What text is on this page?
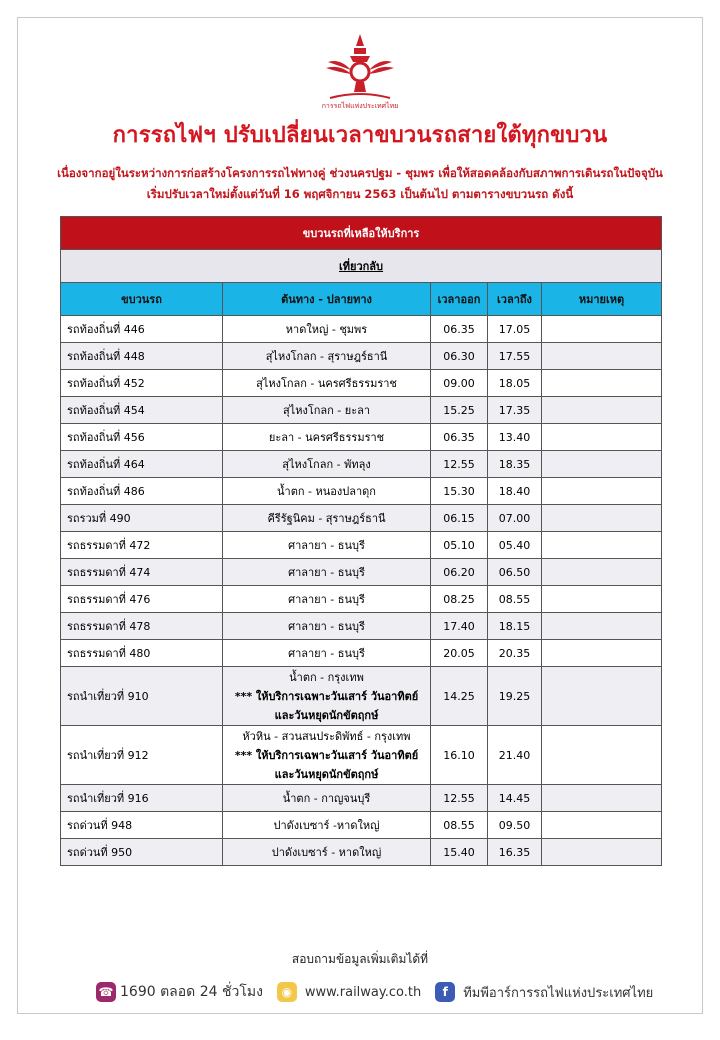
การรถไฟแห่งประเทศไทย
การรถไฟฯ ปรับเปลี่ยนเวลาขบวนรถสายใต้ทุกขบวน
เนื่องจากอยู่ในระหว่างการก่อสร้างโครงการรถไฟทางคู่ ช่วงนครปฐม - ชุมพร เพื่อให้สอดคล้องกับสภาพการเดินรถในปัจจุบัน
เริ่มปรับเวลาใหม่ตั้งแต่วันที่ 16 พฤศจิกายน 2563 เป็นต้นไป ตามตารางขบวนรถ ดังนี้
ขบวนรถที่เหลือให้บริการ				
เที่ยวกลับ				
ขบวนรถ	ต้นทาง - ปลายทาง	เวลาออก	เวลาถึง	หมายเหตุ
รถท้องถิ่นที่ 446	หาดใหญ่ - ชุมพร	06.35	17.05	
รถท้องถิ่นที่ 448	สุไหงโกลก - สุราษฎร์ธานี	06.30	17.55	
รถท้องถิ่นที่ 452	สุไหงโกลก - นครศรีธรรมราช	09.00	18.05	
รถท้องถิ่นที่ 454	สุไหงโกลก - ยะลา	15.25	17.35	
รถท้องถิ่นที่ 456	ยะลา - นครศรีธรรมราช	06.35	13.40	
รถท้องถิ่นที่ 464	สุไหงโกลก - พัทลุง	12.55	18.35	
รถท้องถิ่นที่ 486	น้ำตก - หนองปลาดุก	15.30	18.40	
รถรวมที่ 490	คีรีรัฐนิคม - สุราษฎร์ธานี	06.15	07.00	
รถธรรมดาที่ 472	ศาลายา - ธนบุรี	05.10	05.40	
รถธรรมดาที่ 474	ศาลายา - ธนบุรี	06.20	06.50	
รถธรรมดาที่ 476	ศาลายา - ธนบุรี	08.25	08.55	
รถธรรมดาที่ 478	ศาลายา - ธนบุรี	17.40	18.15	
รถธรรมดาที่ 480	ศาลายา - ธนบุรี	20.05	20.35	
รถนำเที่ยวที่ 910	น้ำตก - กรุงเทพ
*** ให้บริการเฉพาะวันเสาร์ วันอาทิตย์
และวันหยุดนักขัตฤกษ์	14.25	19.25	
รถนำเที่ยวที่ 912	หัวหิน - สวนสนประดิพัทธ์ - กรุงเทพ
*** ให้บริการเฉพาะวันเสาร์ วันอาทิตย์
และวันหยุดนักขัตฤกษ์	16.10	21.40	
รถนำเที่ยวที่ 916	น้ำตก - กาญจนบุรี	12.55	14.45	
รถด่วนที่ 948	ปาดังเบซาร์ -หาดใหญ่	08.55	09.50	
รถด่วนที่ 950	ปาดังเบซาร์ - หาดใหญ่	15.40	16.35	
สอบถามข้อมูลเพิ่มเติมได้ที่
☎ 1690 ตลอด 24 ชั่วโมง	◉ www.railway.co.th	f	ทีมพีอาร์การรถไฟแห่งประเทศไทย
